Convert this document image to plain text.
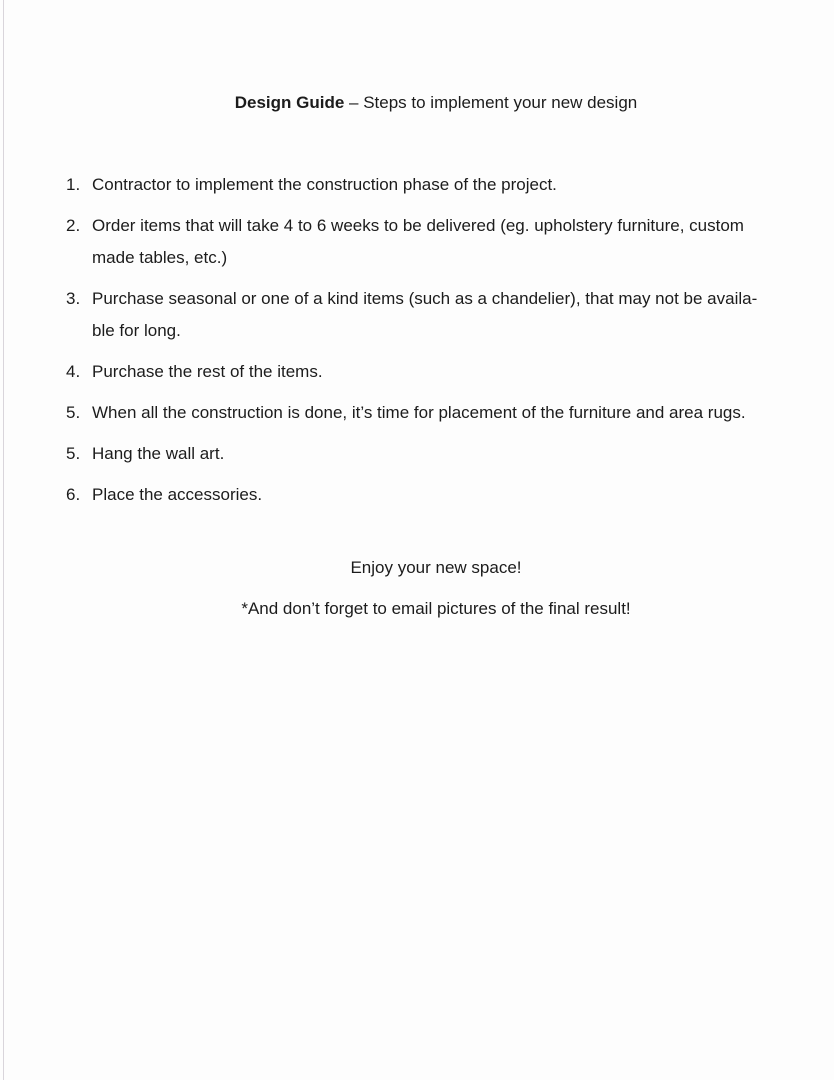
Design Guide – Steps to implement your new design
1. Contractor to implement the construction phase of the project.
2. Order items that will take 4 to 6 weeks to be delivered (eg. upholstery furniture, custom
made tables, etc.)
3. Purchase seasonal or one of a kind items (such as a chandelier), that may not be availa-
ble for long.
4. Purchase the rest of the items.
5. When all the construction is done, it’s time for placement of the furniture and area rugs.
5. Hang the wall art.
6. Place the accessories.
Enjoy your new space!
*And don’t forget to email pictures of the final result!
